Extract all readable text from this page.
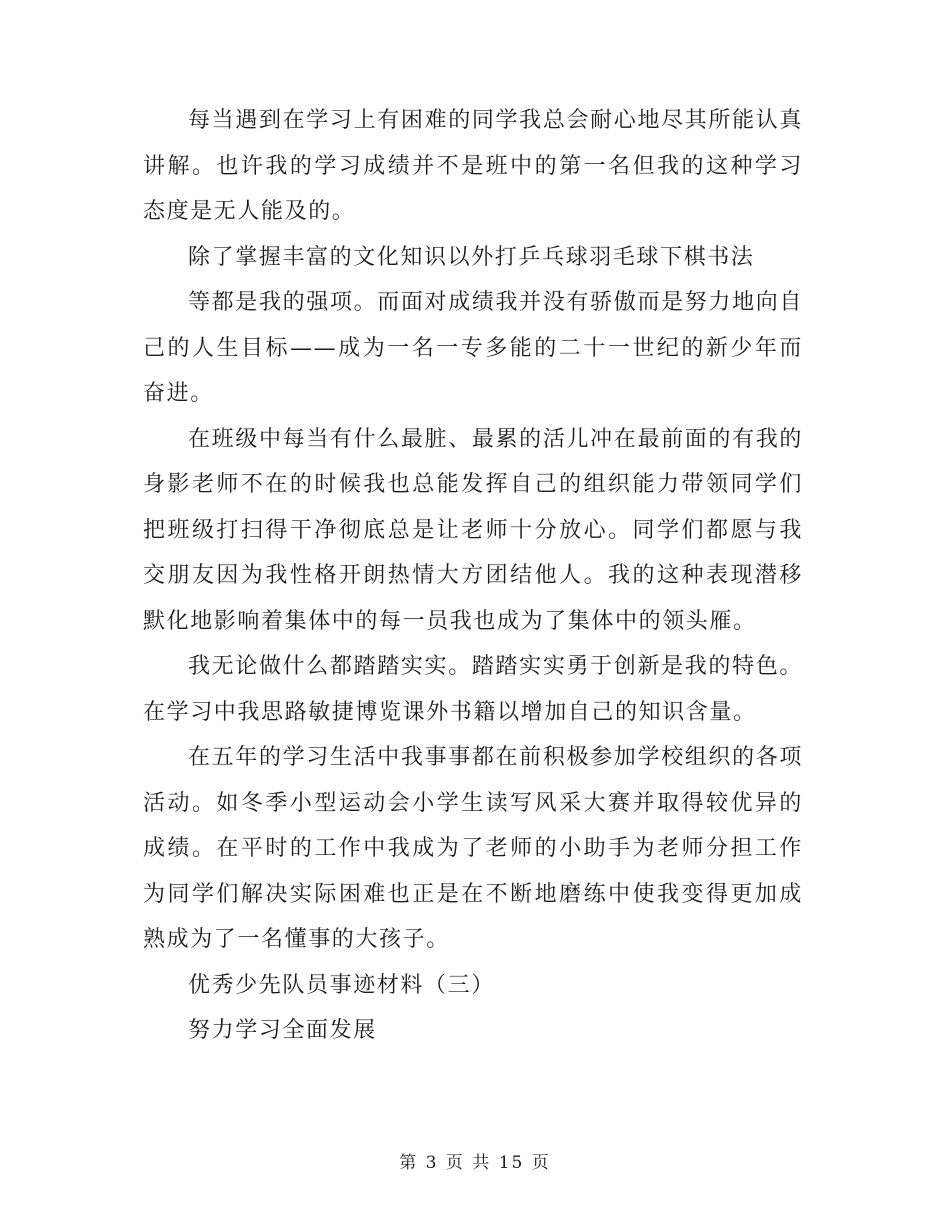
每当遇到在学习上有困难的同学我总会耐心地尽其所能认真讲解。也许我的学习成绩并不是班中的第一名但我的这种学习态度是无人能及的。

除了掌握丰富的文化知识以外打乒乓球羽毛球下棋书法

等都是我的强项。而面对成绩我并没有骄傲而是努力地向自己的人生目标——成为一名一专多能的二十一世纪的新少年而奋进。

在班级中每当有什么最脏、最累的活儿冲在最前面的有我的身影老师不在的时候我也总能发挥自己的组织能力带领同学们把班级打扫得干净彻底总是让老师十分放心。同学们都愿与我交朋友因为我性格开朗热情大方团结他人。我的这种表现潜移默化地影响着集体中的每一员我也成为了集体中的领头雁。

我无论做什么都踏踏实实。踏踏实实勇于创新是我的特色。在学习中我思路敏捷博览课外书籍以增加自己的知识含量。

在五年的学习生活中我事事都在前积极参加学校组织的各项活动。如冬季小型运动会小学生读写风采大赛并取得较优异的成绩。在平时的工作中我成为了老师的小助手为老师分担工作为同学们解决实际困难也正是在不断地磨练中使我变得更加成熟成为了一名懂事的大孩子。

优秀少先队员事迹材料（三）

努力学习全面发展

第 3 页 共 15 页
